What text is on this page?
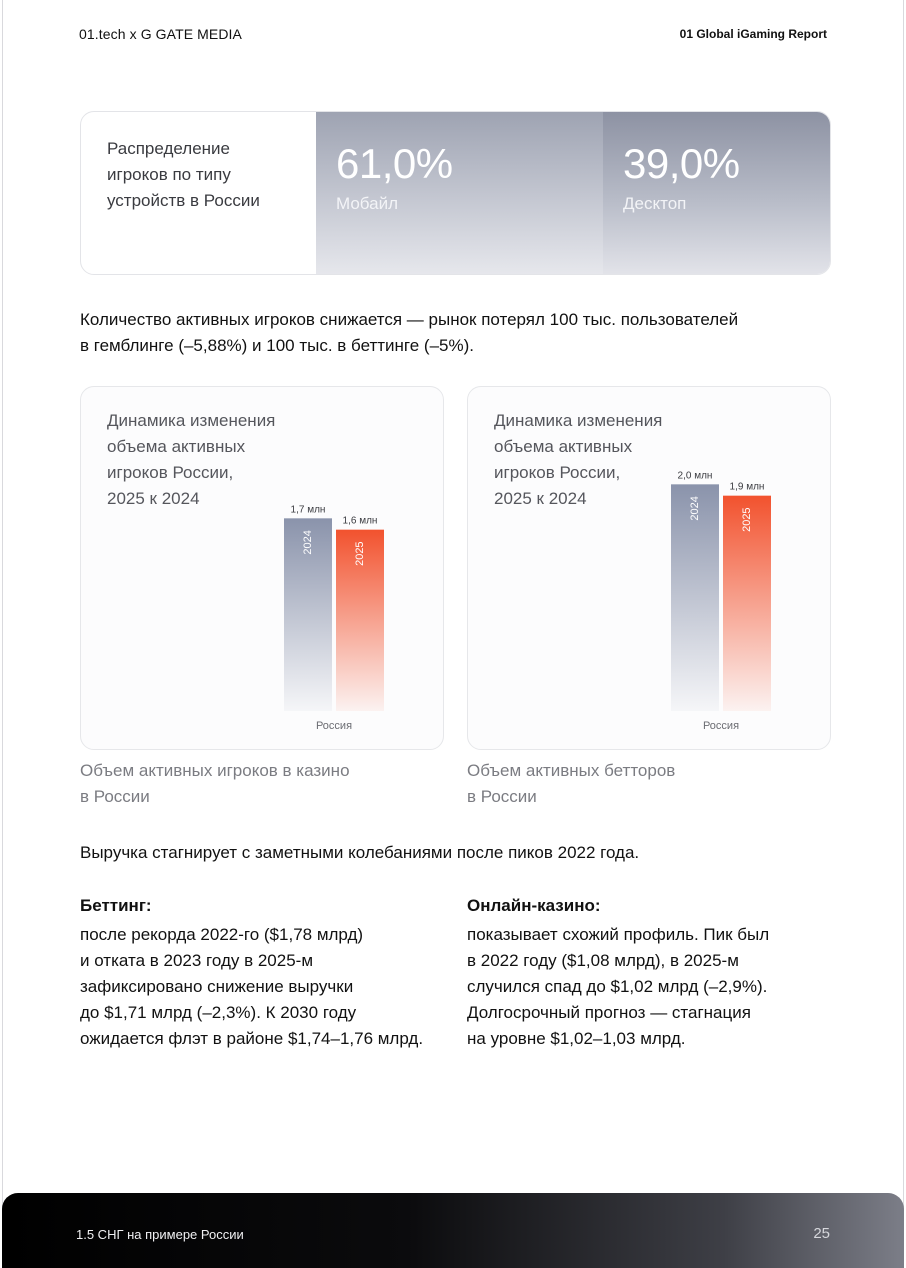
01.tech x G GATE MEDIA	01 Global iGaming Report
Распределение
игроков по типу
устройств в России
61,0%
Мобайл
39,0%
Десктоп
Количество активных игроков снижается — рынок потерял 100 тыс. пользователей
в гемблинге (–5,88%) и 100 тыс. в беттинге (–5%).
Динамика изменения
объема активных
игроков России,
2025 к 2024
1,7 млн
2024
1,6 млн
2025
Россия
Объем активных игроков в казино
в России
Динамика изменения
объема активных
игроков России,
2025 к 2024
2,0 млн
2024
1,9 млн
2025
Россия
Объем активных бетторов
в России
Выручка стагнирует с заметными колебаниями после пиков 2022 года.
Беттинг:
после рекорда 2022-го ($1,78 млрд)
и отката в 2023 году в 2025-м
зафиксировано снижение выручки
до $1,71 млрд (–2,3%). К 2030 году
ожидается флэт в районе $1,74–1,76 млрд.
Онлайн-казино:
показывает схожий профиль. Пик был
в 2022 году ($1,08 млрд), в 2025-м
случился спад до $1,02 млрд (–2,9%).
Долгосрочный прогноз — стагнация
на уровне $1,02–1,03 млрд.
1.5 СНГ на примере России	25
